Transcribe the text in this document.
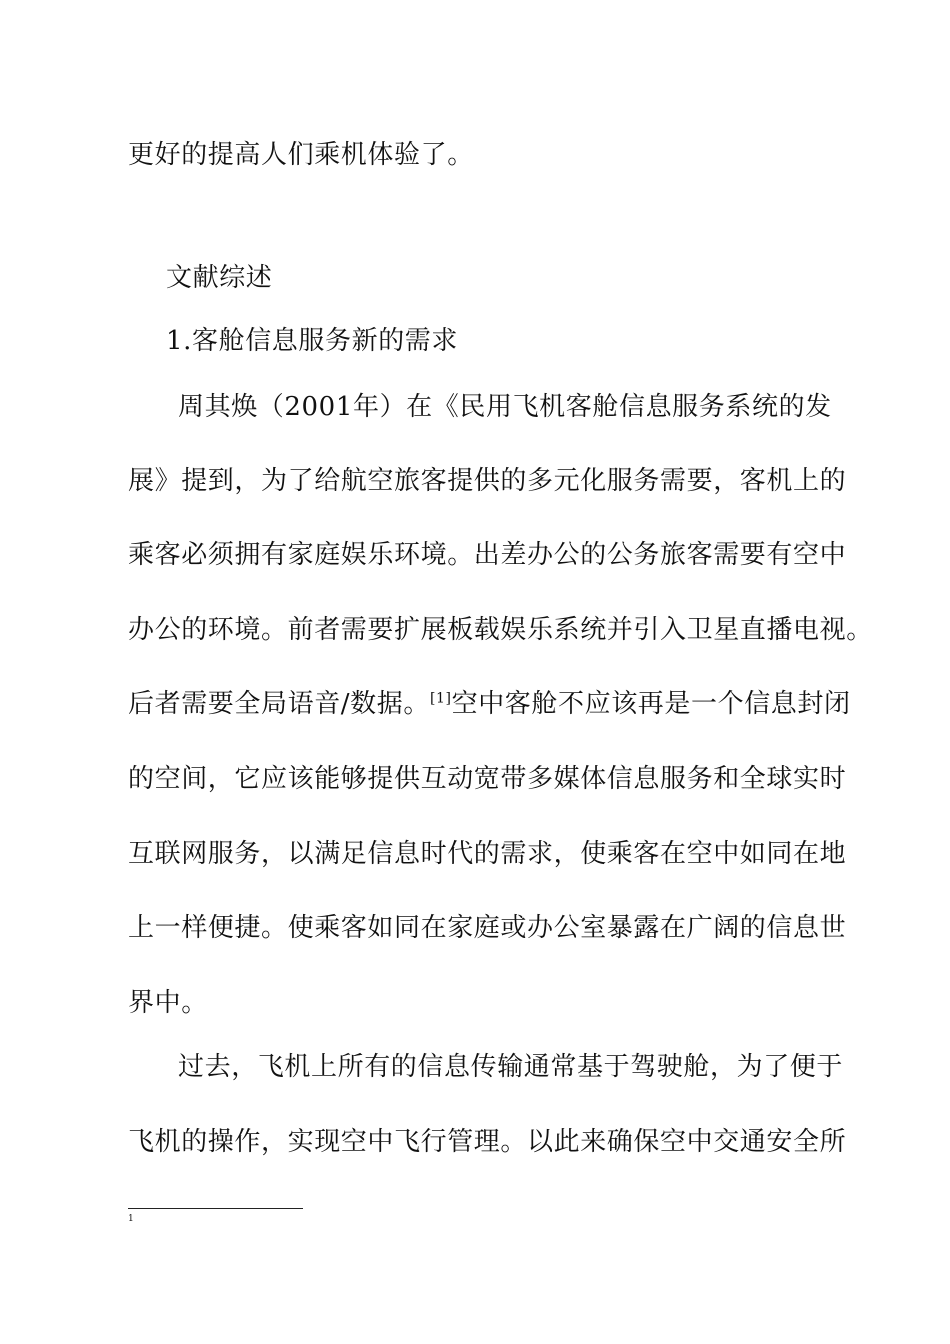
更好的提高人们乘机体验了。
文献综述
1.客舱信息服务新的需求
周其焕（2001年）在《民用飞机客舱信息服务系统的发
展》提到，为了给航空旅客提供的多元化服务需要，客机上的
乘客必须拥有家庭娱乐环境。出差办公的公务旅客需要有空中
办公的环境。前者需要扩展板载娱乐系统并引入卫星直播电视。
后者需要全局语音/数据。[1]空中客舱不应该再是一个信息封闭
的空间，它应该能够提供互动宽带多媒体信息服务和全球实时
互联网服务，以满足信息时代的需求，使乘客在空中如同在地
上一样便捷。使乘客如同在家庭或办公室暴露在广阔的信息世
界中。
过去，飞机上所有的信息传输通常基于驾驶舱，为了便于
飞机的操作，实现空中飞行管理。以此来确保空中交通安全所
1
